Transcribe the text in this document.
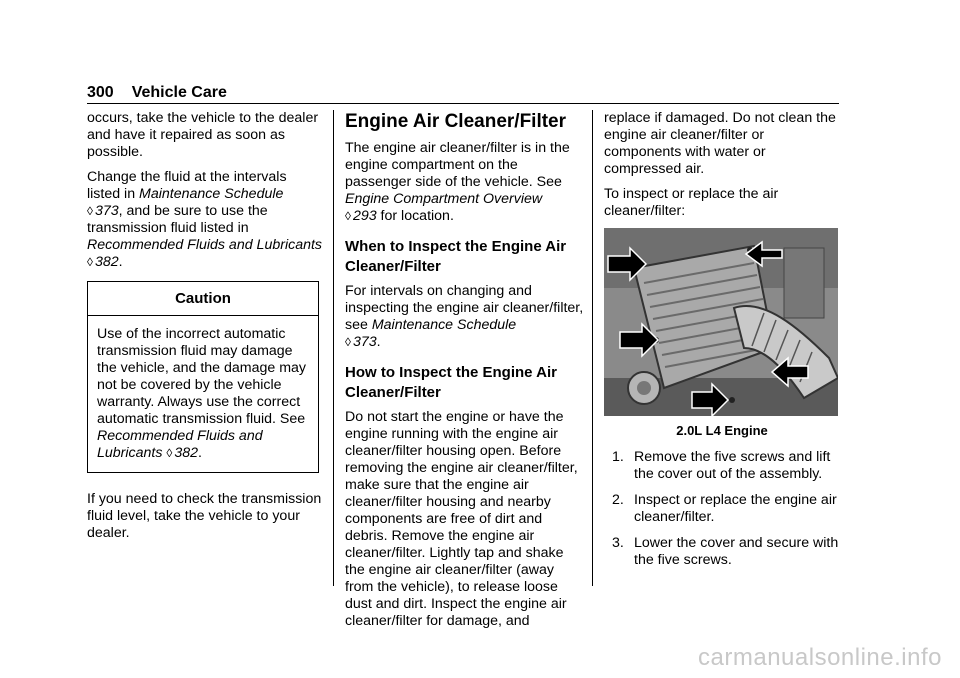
300 Vehicle Care

occurs, take the vehicle to the dealer and have it repaired as soon as possible.

Change the fluid at the intervals listed in Maintenance Schedule
◊ 373, and be sure to use the transmission fluid listed in Recommended Fluids and Lubricants ◊ 382.

Caution
Use of the incorrect automatic transmission fluid may damage the vehicle, and the damage may not be covered by the vehicle warranty. Always use the correct automatic transmission fluid. See Recommended Fluids and Lubricants ◊ 382.

If you need to check the transmission fluid level, take the vehicle to your dealer.

Engine Air Cleaner/Filter

The engine air cleaner/filter is in the engine compartment on the passenger side of the vehicle. See Engine Compartment Overview
◊ 293 for location.

When to Inspect the Engine Air Cleaner/Filter

For intervals on changing and inspecting the engine air cleaner/filter, see Maintenance Schedule
◊ 373.

How to Inspect the Engine Air Cleaner/Filter

Do not start the engine or have the engine running with the engine air cleaner/filter housing open. Before removing the engine air cleaner/filter, make sure that the engine air cleaner/filter housing and nearby components are free of dirt and debris. Remove the engine air cleaner/filter. Lightly tap and shake the engine air cleaner/filter (away from the vehicle), to release loose dust and dirt. Inspect the engine air cleaner/filter for damage, and

replace if damaged. Do not clean the engine air cleaner/filter or components with water or compressed air.

To inspect or replace the air cleaner/filter:

2.0L L4 Engine
1. Remove the five screws and lift the cover out of the assembly.
2. Inspect or replace the engine air cleaner/filter.
3. Lower the cover and secure with the five screws.
carmanualsonline.info
